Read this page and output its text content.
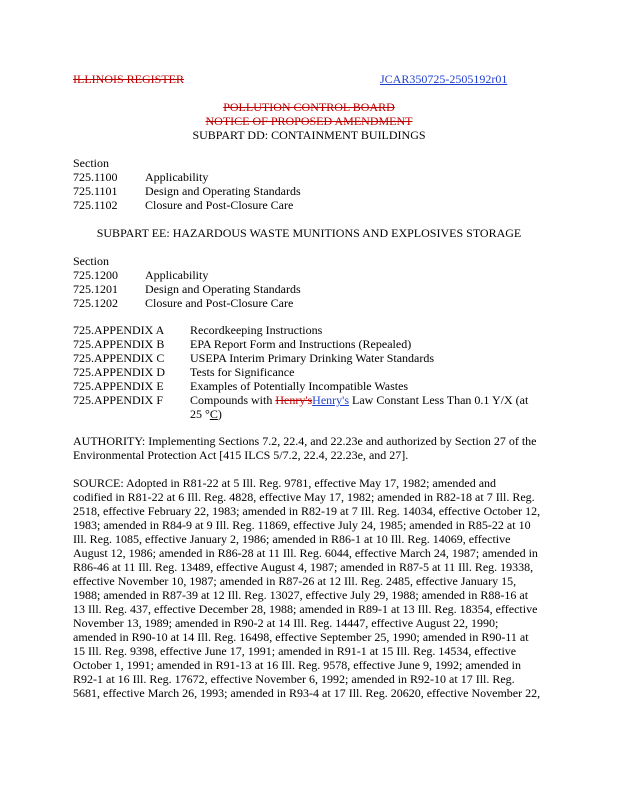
ILLINOIS REGISTER	JCAR350725-2505192r01
POLLUTION CONTROL BOARD
NOTICE OF PROPOSED AMENDMENT
SUBPART DD: CONTAINMENT BUILDINGS
Section
725.1100 Applicability
725.1101 Design and Operating Standards
725.1102 Closure and Post-Closure Care
SUBPART EE: HAZARDOUS WASTE MUNITIONS AND EXPLOSIVES STORAGE
Section
725.1200 Applicability
725.1201 Design and Operating Standards
725.1202 Closure and Post-Closure Care
725.APPENDIX A Recordkeeping Instructions
725.APPENDIX B EPA Report Form and Instructions (Repealed)
725.APPENDIX C USEPA Interim Primary Drinking Water Standards
725.APPENDIX D Tests for Significance
725.APPENDIX E Examples of Potentially Incompatible Wastes
725.APPENDIX F Compounds with Henry'sHenry's Law Constant Less Than 0.1 Y/X (at
25 °C)
AUTHORITY: Implementing Sections 7.2, 22.4, and 22.23e and authorized by Section 27 of the
Environmental Protection Act [415 ILCS 5/7.2, 22.4, 22.23e, and 27].
SOURCE: Adopted in R81-22 at 5 Ill. Reg. 9781, effective May 17, 1982; amended and
codified in R81-22 at 6 Ill. Reg. 4828, effective May 17, 1982; amended in R82-18 at 7 Ill. Reg.
2518, effective February 22, 1983; amended in R82-19 at 7 Ill. Reg. 14034, effective October 12,
1983; amended in R84-9 at 9 Ill. Reg. 11869, effective July 24, 1985; amended in R85-22 at 10
Ill. Reg. 1085, effective January 2, 1986; amended in R86-1 at 10 Ill. Reg. 14069, effective
August 12, 1986; amended in R86-28 at 11 Ill. Reg. 6044, effective March 24, 1987; amended in
R86-46 at 11 Ill. Reg. 13489, effective August 4, 1987; amended in R87-5 at 11 Ill. Reg. 19338,
effective November 10, 1987; amended in R87-26 at 12 Ill. Reg. 2485, effective January 15,
1988; amended in R87-39 at 12 Ill. Reg. 13027, effective July 29, 1988; amended in R88-16 at
13 Ill. Reg. 437, effective December 28, 1988; amended in R89-1 at 13 Ill. Reg. 18354, effective
November 13, 1989; amended in R90-2 at 14 Ill. Reg. 14447, effective August 22, 1990;
amended in R90-10 at 14 Ill. Reg. 16498, effective September 25, 1990; amended in R90-11 at
15 Ill. Reg. 9398, effective June 17, 1991; amended in R91-1 at 15 Ill. Reg. 14534, effective
October 1, 1991; amended in R91-13 at 16 Ill. Reg. 9578, effective June 9, 1992; amended in
R92-1 at 16 Ill. Reg. 17672, effective November 6, 1992; amended in R92-10 at 17 Ill. Reg.
5681, effective March 26, 1993; amended in R93-4 at 17 Ill. Reg. 20620, effective November 22,
